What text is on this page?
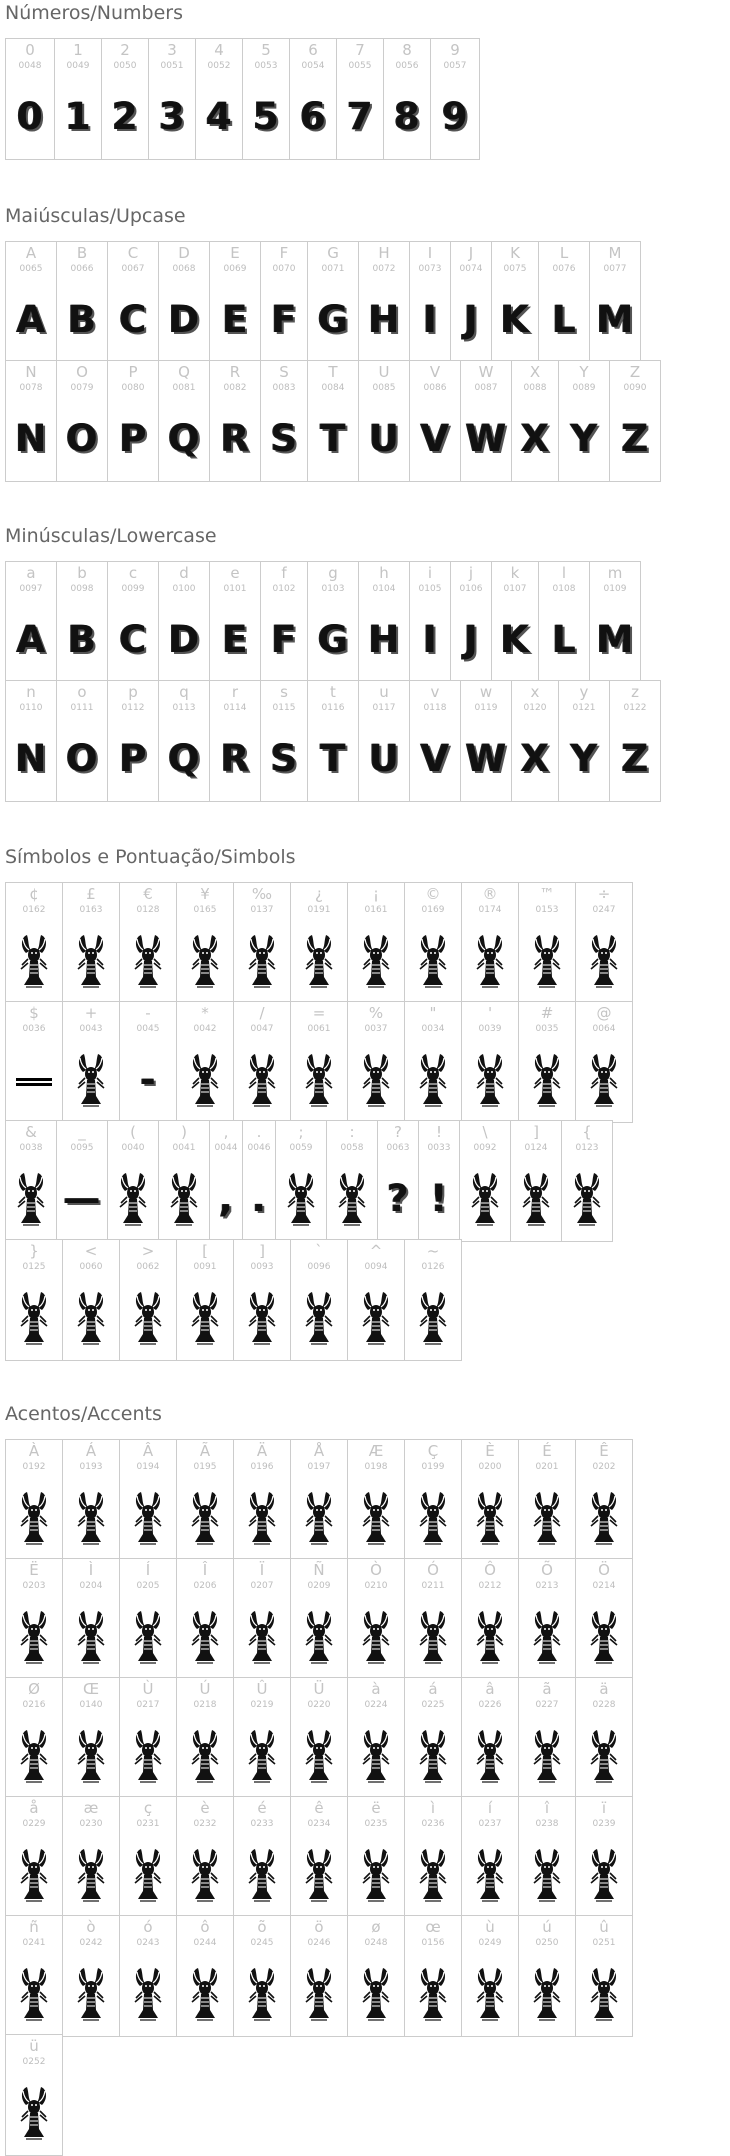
Números/Numbers
0
0048
0
1
0049
1
2
0050
2
3
0051
3
4
0052
4
5
0053
5
6
0054
6
7
0055
7
8
0056
8
9
0057
9
Maiúsculas/Upcase
A
0065
A
B
0066
B
C
0067
C
D
0068
D
E
0069
E
F
0070
F
G
0071
G
H
0072
H
I
0073
I
J
0074
J
K
0075
K
L
0076
L
M
0077
M
N
0078
N
O
0079
O
P
0080
P
Q
0081
Q
R
0082
R
S
0083
S
T
0084
T
U
0085
U
V
0086
V
W
0087
W
X
0088
X
Y
0089
Y
Z
0090
Z
Minúsculas/Lowercase
a
0097
A
b
0098
B
c
0099
C
d
0100
D
e
0101
E
f
0102
F
g
0103
G
h
0104
H
i
0105
I
j
0106
J
k
0107
K
l
0108
L
m
0109
M
n
0110
N
o
0111
O
p
0112
P
q
0113
Q
r
0114
R
s
0115
S
t
0116
T
u
0117
U
v
0118
V
w
0119
W
x
0120
X
y
0121
Y
z
0122
Z
Símbolos e Pontuação/Simbols
¢
0162
£
0163
€
0128
¥
0165
‰
0137
¿
0191
¡
0161
©
0169
®
0174
™
0153
÷
0247
$
0036
+
0043
-
0045
-
*
0042
/
0047
=
0061
%
0037
"
0034
'
0039
#
0035
@
0064
&
0038
_
0095
—
(
0040
)
0041
,
0044
,
.
0046
.
;
0059
:
0058
?
0063
?
!
0033
!
\
0092
]
0124
{
0123
}
0125
<
0060
>
0062
[
0091
]
0093
`
0096
^
0094
~
0126
Acentos/Accents
À
0192
Á
0193
Â
0194
Ã
0195
Ä
0196
Å
0197
Æ
0198
Ç
0199
È
0200
É
0201
Ê
0202
Ë
0203
Ì
0204
Í
0205
Î
0206
Ï
0207
Ñ
0209
Ò
0210
Ó
0211
Ô
0212
Õ
0213
Ö
0214
Ø
0216
Œ
0140
Ù
0217
Ú
0218
Û
0219
Ü
0220
à
0224
á
0225
â
0226
ã
0227
ä
0228
å
0229
æ
0230
ç
0231
è
0232
é
0233
ê
0234
ë
0235
ì
0236
í
0237
î
0238
ï
0239
ñ
0241
ò
0242
ó
0243
ô
0244
õ
0245
ö
0246
ø
0248
œ
0156
ù
0249
ú
0250
û
0251
ü
0252
